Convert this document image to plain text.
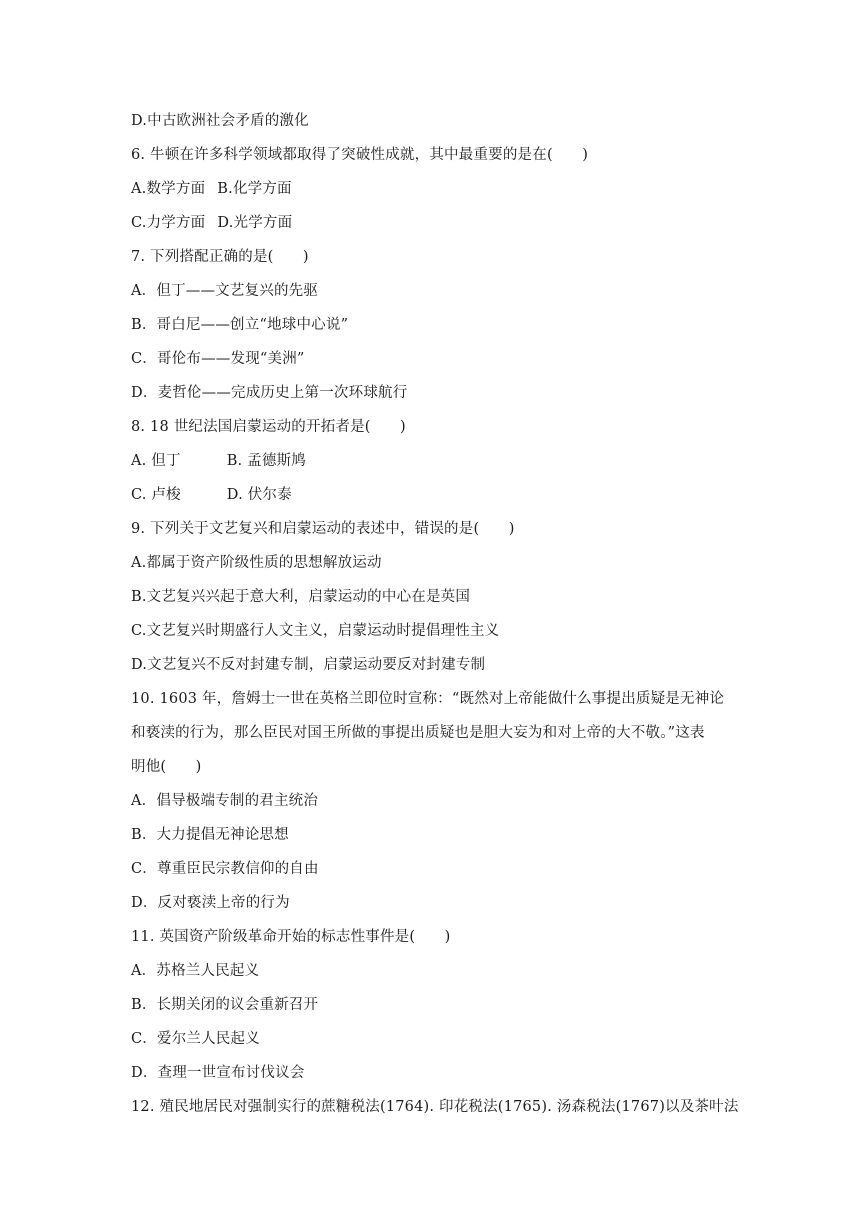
D.中古欧洲社会矛盾的激化
6. 牛顿在许多科学领域都取得了突破性成就，其中最重要的是在(　　)
A.数学方面 B.化学方面
C.力学方面 D.光学方面
7. 下列搭配正确的是(　　)
A．但丁——文艺复兴的先驱
B．哥白尼——创立“地球中心说”
C．哥伦布——发现“美洲”
D．麦哲伦——完成历史上第一次环球航行
8. 18 世纪法国启蒙运动的开拓者是(　　)
A. 但丁	B. 孟德斯鸠
C. 卢梭	D. 伏尔泰
9. 下列关于文艺复兴和启蒙运动的表述中，错误的是(　　)
A.都属于资产阶级性质的思想解放运动
B.文艺复兴兴起于意大利，启蒙运动的中心在是英国
C.文艺复兴时期盛行人文主义，启蒙运动时提倡理性主义
D.文艺复兴不反对封建专制，启蒙运动要反对封建专制
10. 1603 年，詹姆士一世在英格兰即位时宣称：“既然对上帝能做什么事提出质疑是无神论
和亵渎的行为，那么臣民对国王所做的事提出质疑也是胆大妄为和对上帝的大不敬。”这表
明他(　　)
A．倡导极端专制的君主统治
B．大力提倡无神论思想
C．尊重臣民宗教信仰的自由
D．反对亵渎上帝的行为
11. 英国资产阶级革命开始的标志性事件是(　　)
A．苏格兰人民起义
B．长期关闭的议会重新召开
C．爱尔兰人民起义
D．查理一世宣布讨伐议会
12. 殖民地居民对强制实行的蔗糖税法(1764). 印花税法(1765). 汤森税法(1767)以及茶叶法
